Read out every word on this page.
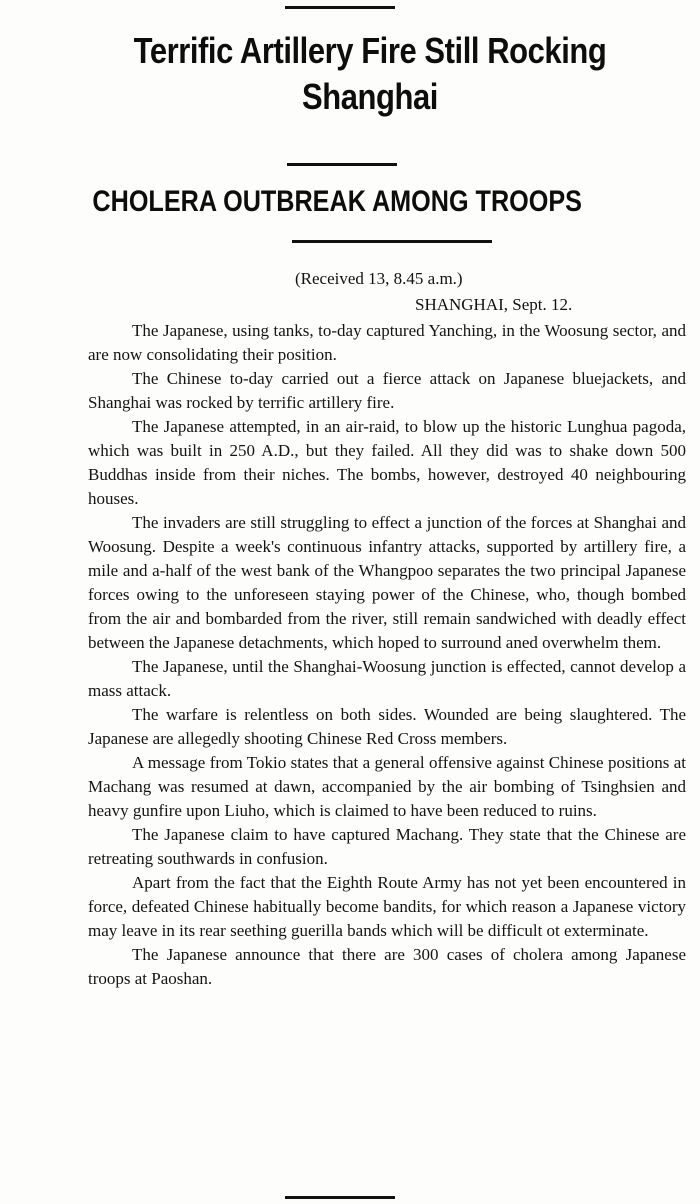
Terrific Artillery Fire Still Rocking Shanghai
CHOLERA OUTBREAK AMONG TROOPS

(Received 13, 8.45 a.m.)

SHANGHAI, Sept. 12.

The Japanese, using tanks, to-day captured Yanching, in the Woosung sector, and are now consolidating their position.

The Chinese to-day carried out a fierce attack on Japanese bluejackets, and Shanghai was rocked by terrific artillery fire.

The Japanese attempted, in an air-raid, to blow up the historic Lunghua pagoda, which was built in 250 A.D., but they failed. All they did was to shake down 500 Buddhas inside from their niches. The bombs, however, destroyed 40 neighbouring houses.

The invaders are still struggling to effect a junction of the forces at Shanghai and Woosung. Despite a week's continuous infantry attacks, supported by artillery fire, a mile and a-half of the west bank of the Whangpoo separates the two principal Japanese forces owing to the unforeseen staying power of the Chinese, who, though bombed from the air and bombarded from the river, still remain sandwiched with deadly effect between the Japanese detachments, which hoped to surround aned overwhelm them.

The Japanese, until the Shanghai-Woosung junction is effected, cannot develop a mass attack.

The warfare is relentless on both sides. Wounded are being slaughtered. The Japanese are allegedly shooting Chinese Red Cross members.

A message from Tokio states that a general offensive against Chinese positions at Machang was resumed at dawn, accompanied by the air bombing of Tsinghsien and heavy gunfire upon Liuho, which is claimed to have been reduced to ruins.

The Japanese claim to have captured Machang. They state that the Chinese are retreating southwards in confusion.

Apart from the fact that the Eighth Route Army has not yet been encountered in force, defeated Chinese habitually become bandits, for which reason a Japanese victory may leave in its rear seething guerilla bands which will be difficult ot exterminate.

The Japanese announce that there are 300 cases of cholera among Japanese troops at Paoshan.
